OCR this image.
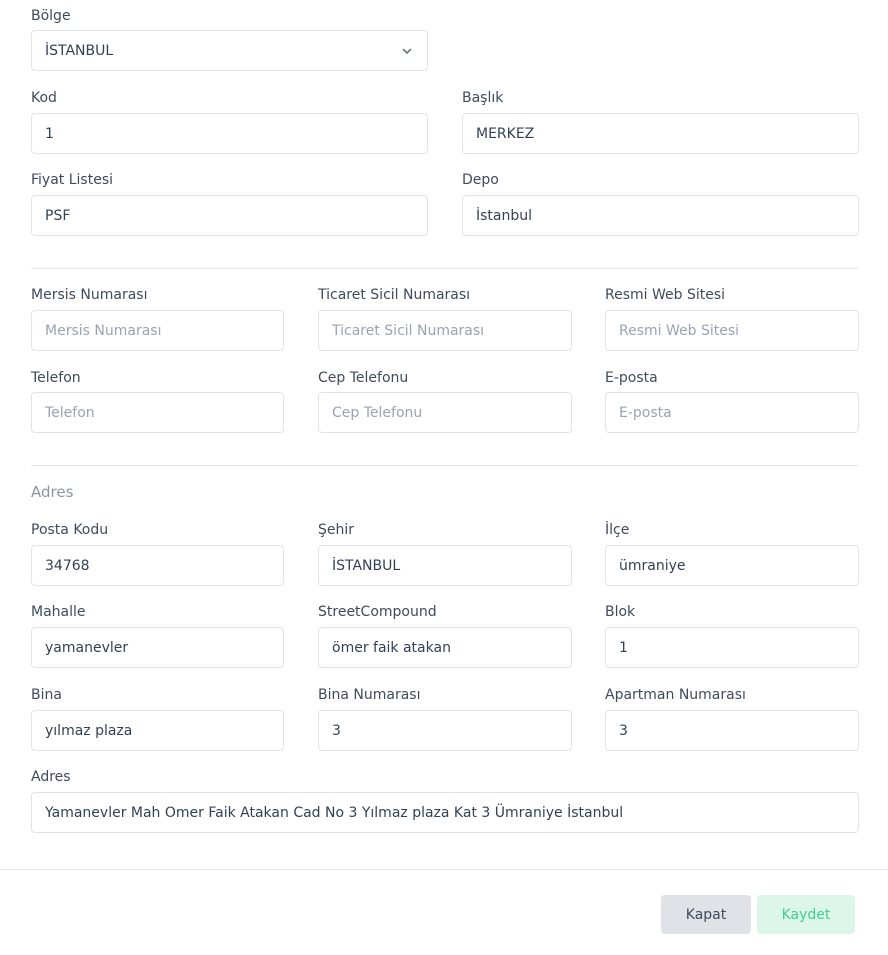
Bölge
İSTANBUL
Kod
1
Başlık
MERKEZ
Fiyat Listesi
PSF
Depo
İstanbul
Mersis Numarası
Mersis Numarası
Ticaret Sicil Numarası
Ticaret Sicil Numarası
Resmi Web Sitesi
Resmi Web Sitesi
Telefon
Telefon
Cep Telefonu
Cep Telefonu
E-posta
E-posta
Adres
Posta Kodu
34768
Şehir
İSTANBUL
İlçe
ümraniye
Mahalle
yamanevler
StreetCompound
ömer faik atakan
Blok
1
Bina
yılmaz plaza
Bina Numarası
3
Apartman Numarası
3
Adres
Yamanevler Mah Omer Faik Atakan Cad No 3 Yılmaz plaza Kat 3 Ümraniye İstanbul
Kapat	Kaydet
